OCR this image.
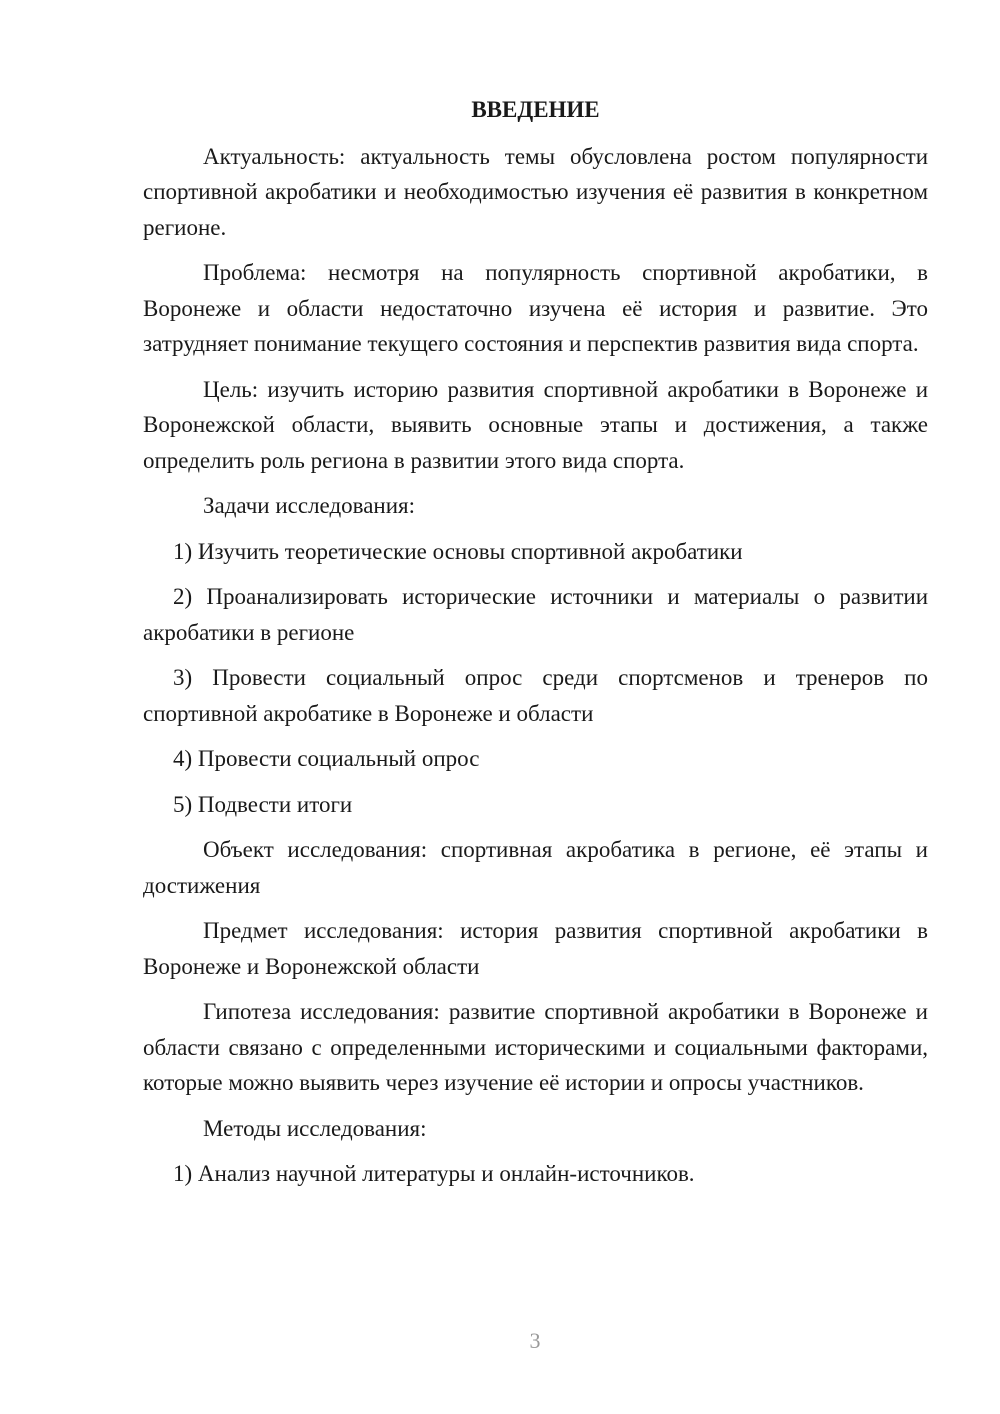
ВВЕДЕНИЕ

Актуальность: актуальность темы обусловлена ростом популярности спортивной акробатики и необходимостью изучения её развития в конкретном регионе.

Проблема: несмотря на популярность спортивной акробатики, в Воронеже и области недостаточно изучена её история и развитие. Это затрудняет понимание текущего состояния и перспектив развития вида спорта.

Цель: изучить историю развития спортивной акробатики в Воронеже и Воронежской области, выявить основные этапы и достижения, а также определить роль региона в развитии этого вида спорта.

Задачи исследования:

1) Изучить теоретические основы спортивной акробатики

2) Проанализировать исторические источники и материалы о развитии акробатики в регионе

3) Провести социальный опрос среди спортсменов и тренеров по спортивной акробатике в Воронеже и области

4) Провести социальный опрос

5) Подвести итоги

Объект исследования: спортивная акробатика в регионе, её этапы и достижения

Предмет исследования: история развития спортивной акробатики в Воронеже и Воронежской области

Гипотеза исследования: развитие спортивной акробатики в Воронеже и области связано с определенными историческими и социальными факторами, которые можно выявить через изучение её истории и опросы участников.

Методы исследования:

1) Анализ научной литературы и онлайн-источников.

3
